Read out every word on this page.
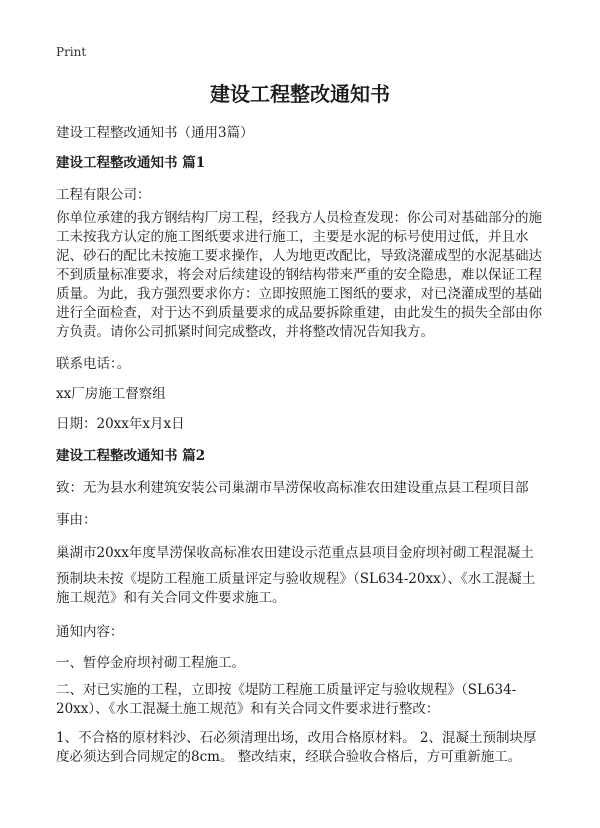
Print
建设工程整改通知书
建设工程整改通知书（通用3篇）
建设工程整改通知书 篇1
工程有限公司：
你单位承建的我方钢结构厂房工程，经我方人员检查发现：你公司对基础部分的施工未按我方认定的施工图纸要求进行施工，主要是水泥的标号使用过低，并且水泥、砂石的配比未按施工要求操作，人为地更改配比，导致浇灌成型的水泥基础达不到质量标准要求，将会对后续建设的钢结构带来严重的安全隐患，难以保证工程质量。为此，我方强烈要求你方：立即按照施工图纸的要求，对已浇灌成型的基础进行全面检查，对于达不到质量要求的成品要拆除重建，由此发生的损失全部由你方负责。请你公司抓紧时间完成整改，并将整改情况告知我方。
联系电话：。
xx厂房施工督察组
日期：20xx年x月x日
建设工程整改通知书 篇2
致：无为县水利建筑安装公司巢湖市旱涝保收高标准农田建设重点县工程项目部
事由：
巢湖市20xx年度旱涝保收高标准农田建设示范重点县项目金府坝衬砌工程混凝土
预制块未按《堤防工程施工质量评定与验收规程》（SL634-20xx）、《水工混凝土施工规范》和有关合同文件要求施工。
通知内容：
一、暂停金府坝衬砌工程施工。
二、对已实施的工程，立即按《堤防工程施工质量评定与验收规程》（SL634-20xx）、《水工混凝土施工规范》和有关合同文件要求进行整改：
1、不合格的原材料沙、石必须清理出场，改用合格原材料。 2、混凝土预制块厚度必须达到合同规定的8cm。 整改结束，经联合验收合格后，方可重新施工。
